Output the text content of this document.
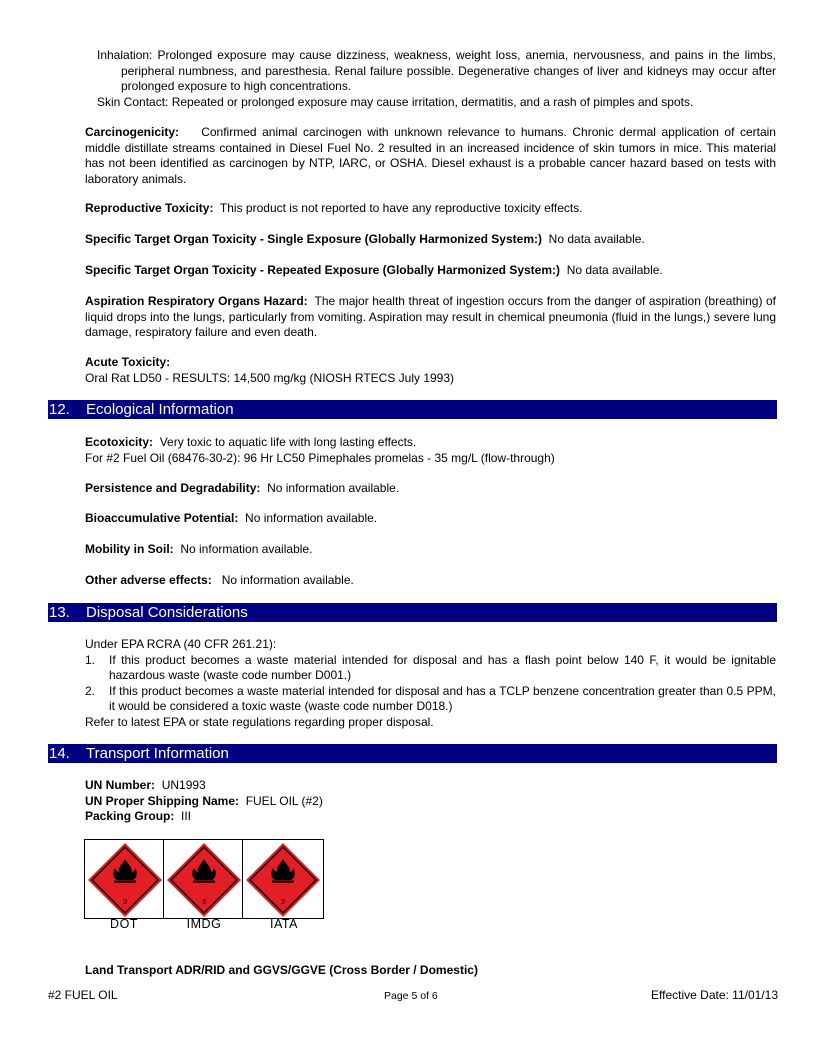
Inhalation: Prolonged exposure may cause dizziness, weakness, weight loss, anemia, nervousness, and pains in the limbs, peripheral numbness, and paresthesia. Renal failure possible. Degenerative changes of liver and kidneys may occur after prolonged exposure to high concentrations.
Skin Contact: Repeated or prolonged exposure may cause irritation, dermatitis, and a rash of pimples and spots.
Carcinogenicity: Confirmed animal carcinogen with unknown relevance to humans. Chronic dermal application of certain middle distillate streams contained in Diesel Fuel No. 2 resulted in an increased incidence of skin tumors in mice. This material has not been identified as carcinogen by NTP, IARC, or OSHA. Diesel exhaust is a probable cancer hazard based on tests with laboratory animals.
Reproductive Toxicity: This product is not reported to have any reproductive toxicity effects.
Specific Target Organ Toxicity - Single Exposure (Globally Harmonized System:) No data available.
Specific Target Organ Toxicity - Repeated Exposure (Globally Harmonized System:) No data available.
Aspiration Respiratory Organs Hazard: The major health threat of ingestion occurs from the danger of aspiration (breathing) of liquid drops into the lungs, particularly from vomiting. Aspiration may result in chemical pneumonia (fluid in the lungs,) severe lung damage, respiratory failure and even death.
Acute Toxicity:
Oral Rat LD50 - RESULTS: 14,500 mg/kg (NIOSH RTECS July 1993)
12. Ecological Information
Ecotoxicity: Very toxic to aquatic life with long lasting effects.
For #2 Fuel Oil (68476-30-2): 96 Hr LC50 Pimephales promelas - 35 mg/L (flow-through)
Persistence and Degradability: No information available.
Bioaccumulative Potential: No information available.
Mobility in Soil: No information available.
Other adverse effects: No information available.
13. Disposal Considerations
Under EPA RCRA (40 CFR 261.21):
1. If this product becomes a waste material intended for disposal and has a flash point below 140 F, it would be ignitable hazardous waste (waste code number D001.)
2. If this product becomes a waste material intended for disposal and has a TCLP benzene concentration greater than 0.5 PPM, it would be considered a toxic waste (waste code number D018.)
Refer to latest EPA or state regulations regarding proper disposal.
14. Transport Information
UN Number: UN1993
UN Proper Shipping Name: FUEL OIL (#2)
Packing Group: III
3	3	3
DOT	IMDG	IATA
Land Transport ADR/RID and GGVS/GGVE (Cross Border / Domestic)
#2 FUEL OIL	Page 5 of 6	Effective Date: 11/01/13
